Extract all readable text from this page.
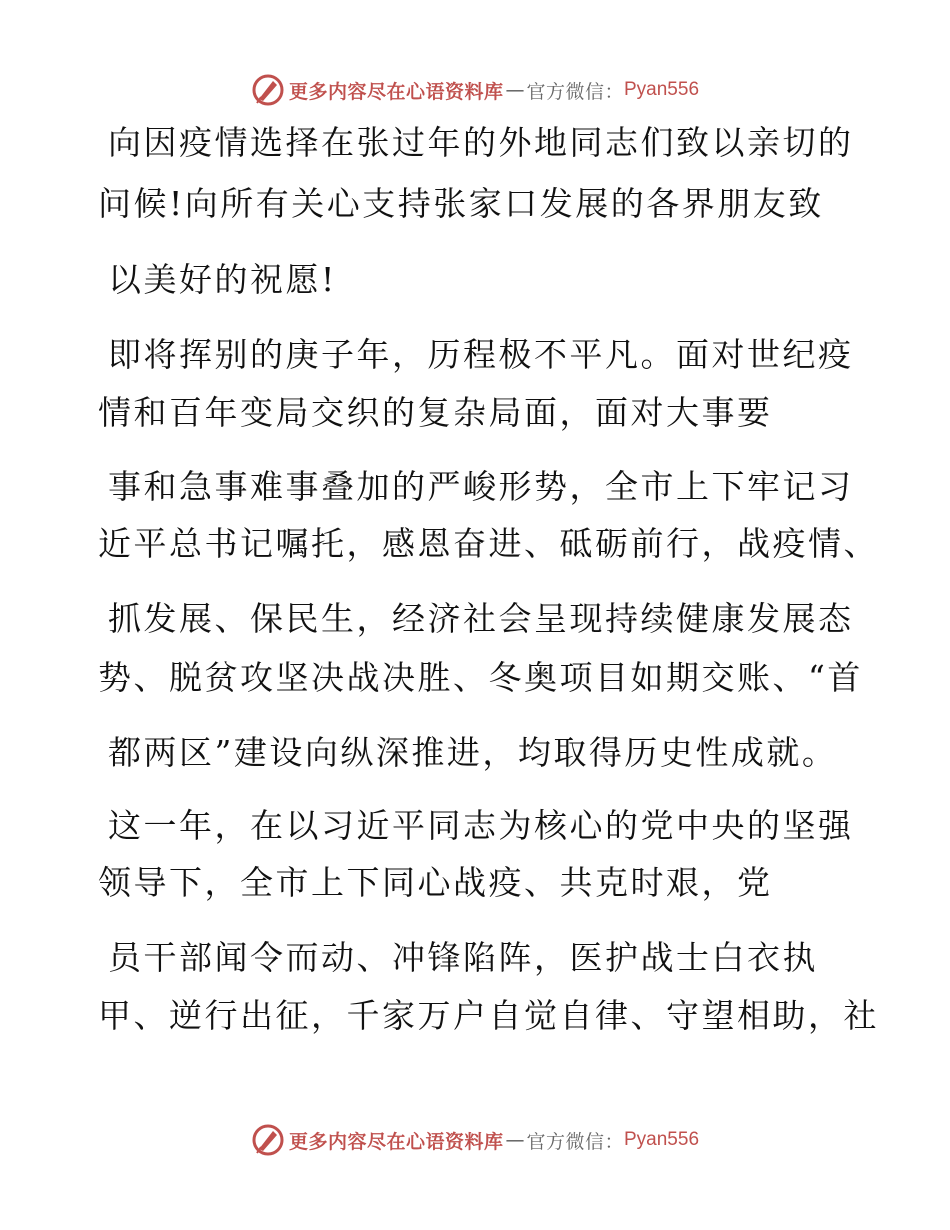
更多内容尽在心语资料库 — 官方微信： Pyan556
向因疫情选择在张过年的外地同志们致以亲切的
问候!向所有关心支持张家口发展的各界朋友致
以美好的祝愿!
即将挥别的庚子年，历程极不平凡。面对世纪疫
情和百年变局交织的复杂局面，面对大事要
事和急事难事叠加的严峻形势，全市上下牢记习
近平总书记嘱托，感恩奋进、砥砺前行，战疫情、
抓发展、保民生，经济社会呈现持续健康发展态
势、脱贫攻坚决战决胜、冬奥项目如期交账、“首
都两区”建设向纵深推进，均取得历史性成就。
这一年，在以习近平同志为核心的党中央的坚强
领导下，全市上下同心战疫、共克时艰，党
员干部闻令而动、冲锋陷阵，医护战士白衣执
甲、逆行出征，千家万户自觉自律、守望相助，社
更多内容尽在心语资料库 — 官方微信： Pyan556
